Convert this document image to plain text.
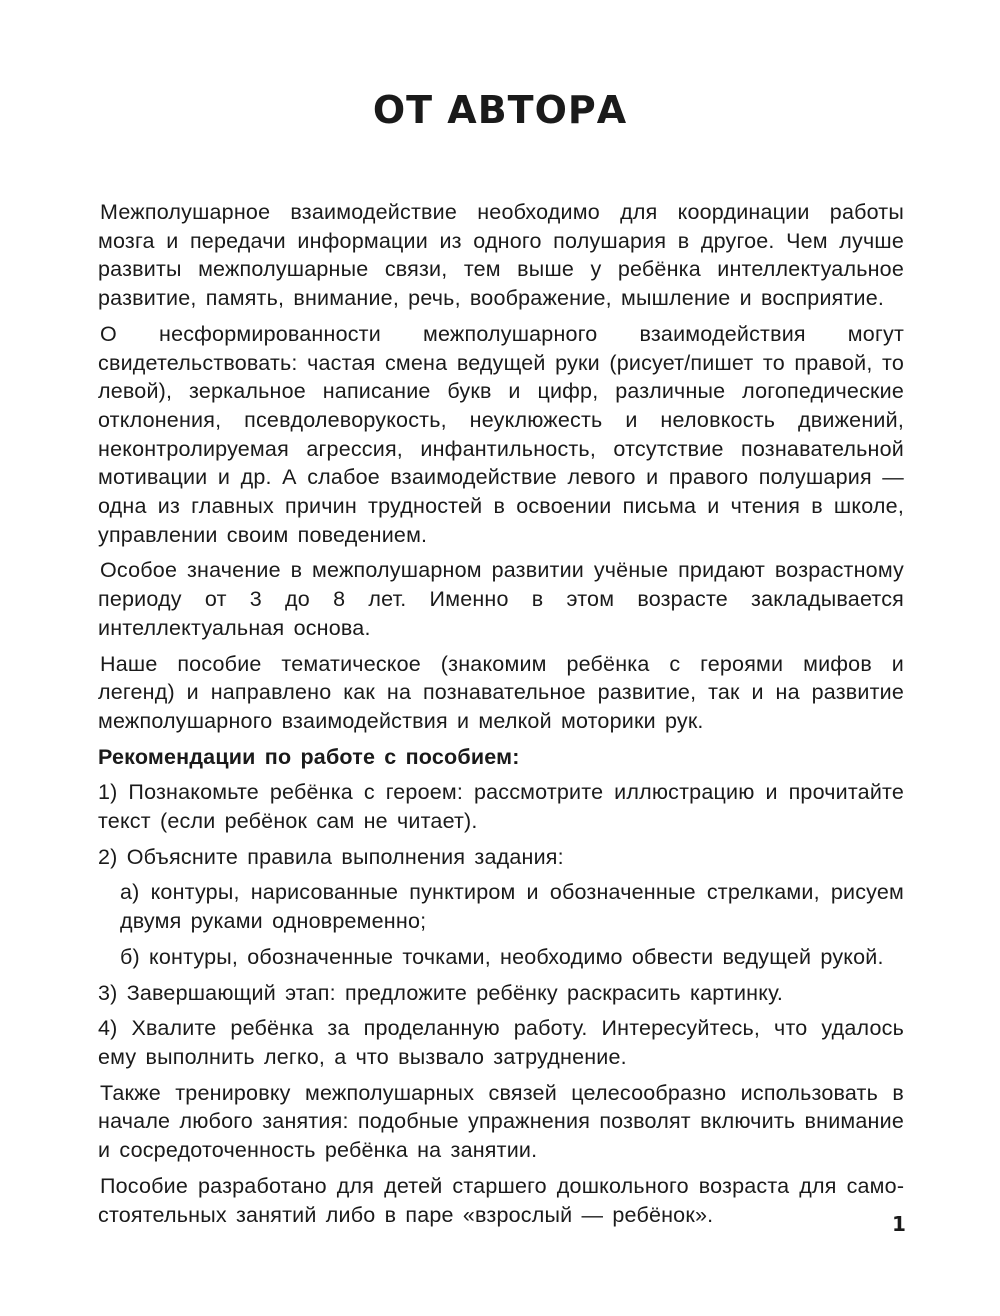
ОТ АВТОРА

Межполушарное взаимодействие необходимо для координации работы мозга и передачи информации из одного полушария в другое. Чем лучше развиты межполушарные связи, тем выше у ребёнка интеллектуальное развитие, память, внимание, речь, воображение, мышление и восприятие.

О несформированности межполушарного взаимодействия могут свидетельствовать: частая смена ведущей руки (рисует/пишет то правой, то левой), зеркальное написание букв и цифр, различные логопедические отклонения, псевдолеворукость, неуклюжесть и неловкость движений, неконтролируемая агрессия, инфантильность, отсутствие познавательной мотивации и др. А слабое взаимодействие левого и правого полушария — одна из главных причин трудностей в освоении письма и чтения в школе, управлении своим поведением.

Особое значение в межполушарном развитии учёные придают возрастному периоду от 3 до 8 лет. Именно в этом возрасте закладывается интеллектуальная основа.

Наше пособие тематическое (знакомим ребёнка с героями мифов и легенд) и направлено как на познавательное развитие, так и на развитие межполушарного взаимодействия и мелкой моторики рук.

Рекомендации по работе с пособием:

1) Познакомьте ребёнка с героем: рассмотрите иллюстрацию и прочитайте текст (если ребёнок сам не читает).

2) Объясните правила выполнения задания:

а) контуры, нарисованные пунктиром и обозначенные стрелками, рисуем двумя руками одновременно;

б) контуры, обозначенные точками, необходимо обвести ведущей рукой.

3) Завершающий этап: предложите ребёнку раскрасить картинку.

4) Хвалите ребёнка за проделанную работу. Интересуйтесь, что удалось ему выполнить легко, а что вызвало затруднение.

Также тренировку межполушарных связей целесообразно использовать в начале любого занятия: подобные упражнения позволят включить внимание и сосредоточенность ребёнка на занятии.

Пособие разработано для детей старшего дошкольного возраста для самостоятельных занятий либо в паре «взрослый — ребёнок».	1
